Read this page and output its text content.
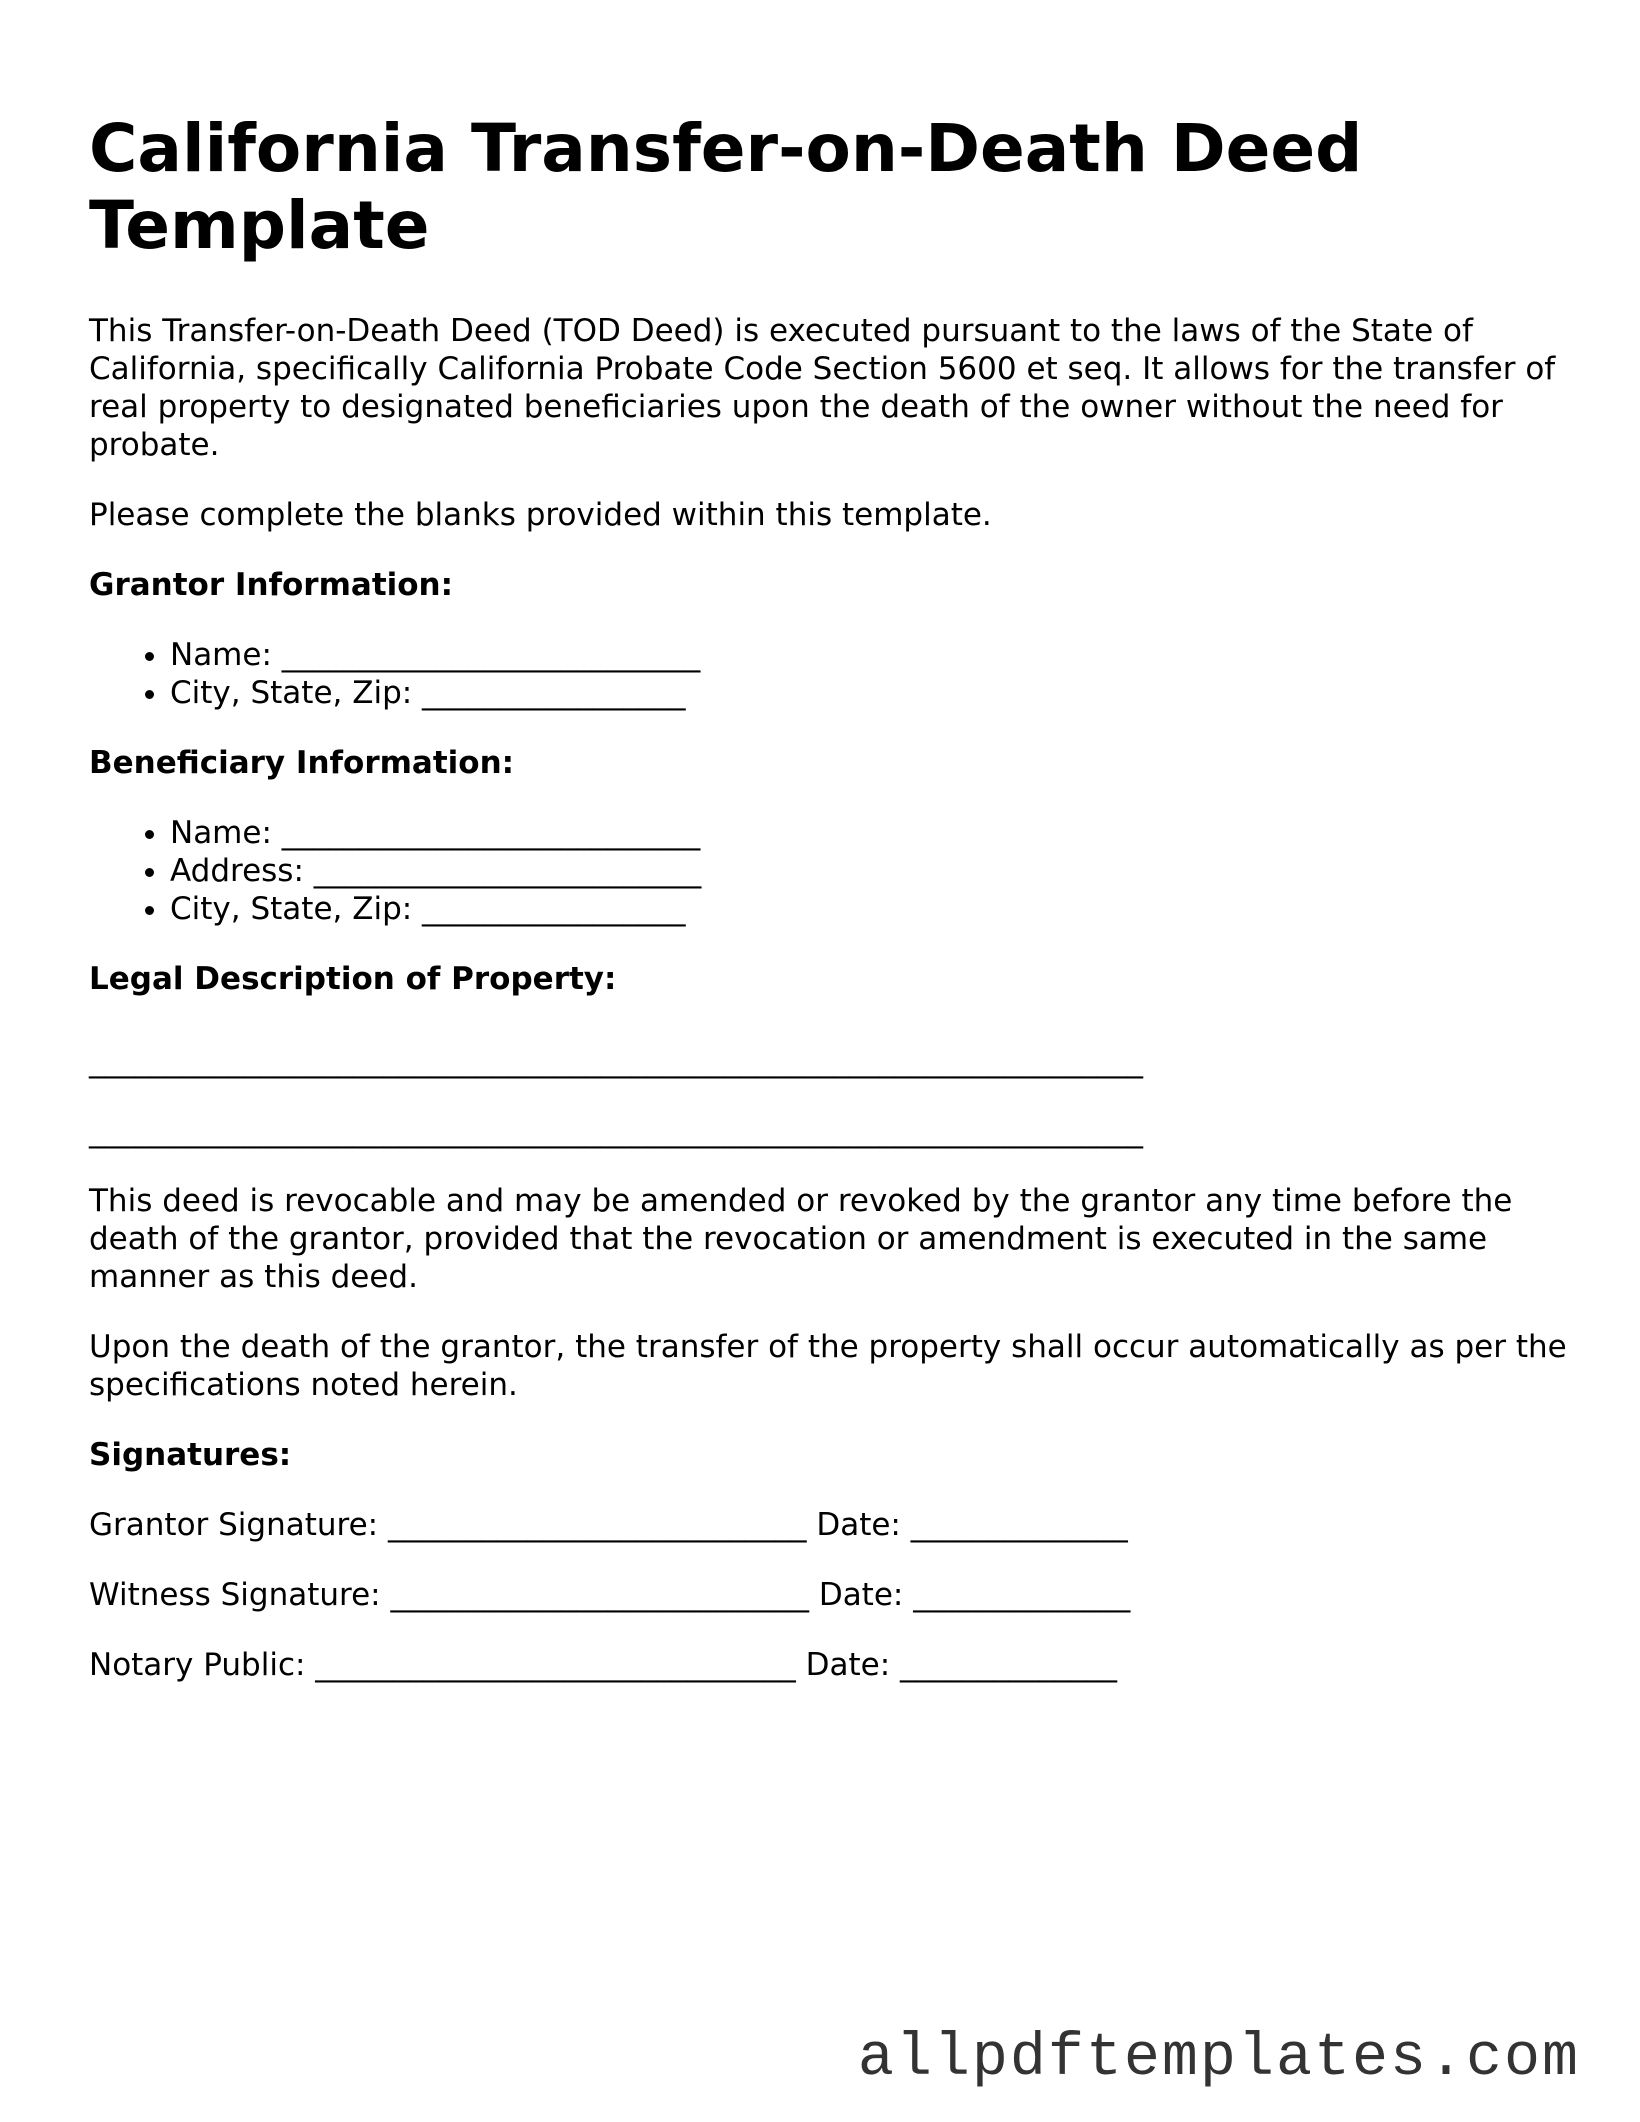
California Transfer-on-Death Deed Template

This Transfer-on-Death Deed (TOD Deed) is executed pursuant to the laws of the State of California, specifically California Probate Code Section 5600 et seq. It allows for the transfer of real property to designated beneficiaries upon the death of the owner without the need for probate.

Please complete the blanks provided within this template.

Grantor Information:
• Name: ___________________________
• City, State, Zip: _________________
Beneficiary Information:
• Name: ___________________________
• Address: _________________________
• City, State, Zip: _________________
Legal Description of Property:
____________________________________________________________________
____________________________________________________________________

This deed is revocable and may be amended or revoked by the grantor any time before the death of the grantor, provided that the revocation or amendment is executed in the same manner as this deed.

Upon the death of the grantor, the transfer of the property shall occur automatically as per the specifications noted herein.

Signatures:
Grantor Signature: ___________________________ Date: ______________
Witness Signature: ___________________________ Date: ______________
Notary Public: _______________________________ Date: ______________
allpdftemplates.com
